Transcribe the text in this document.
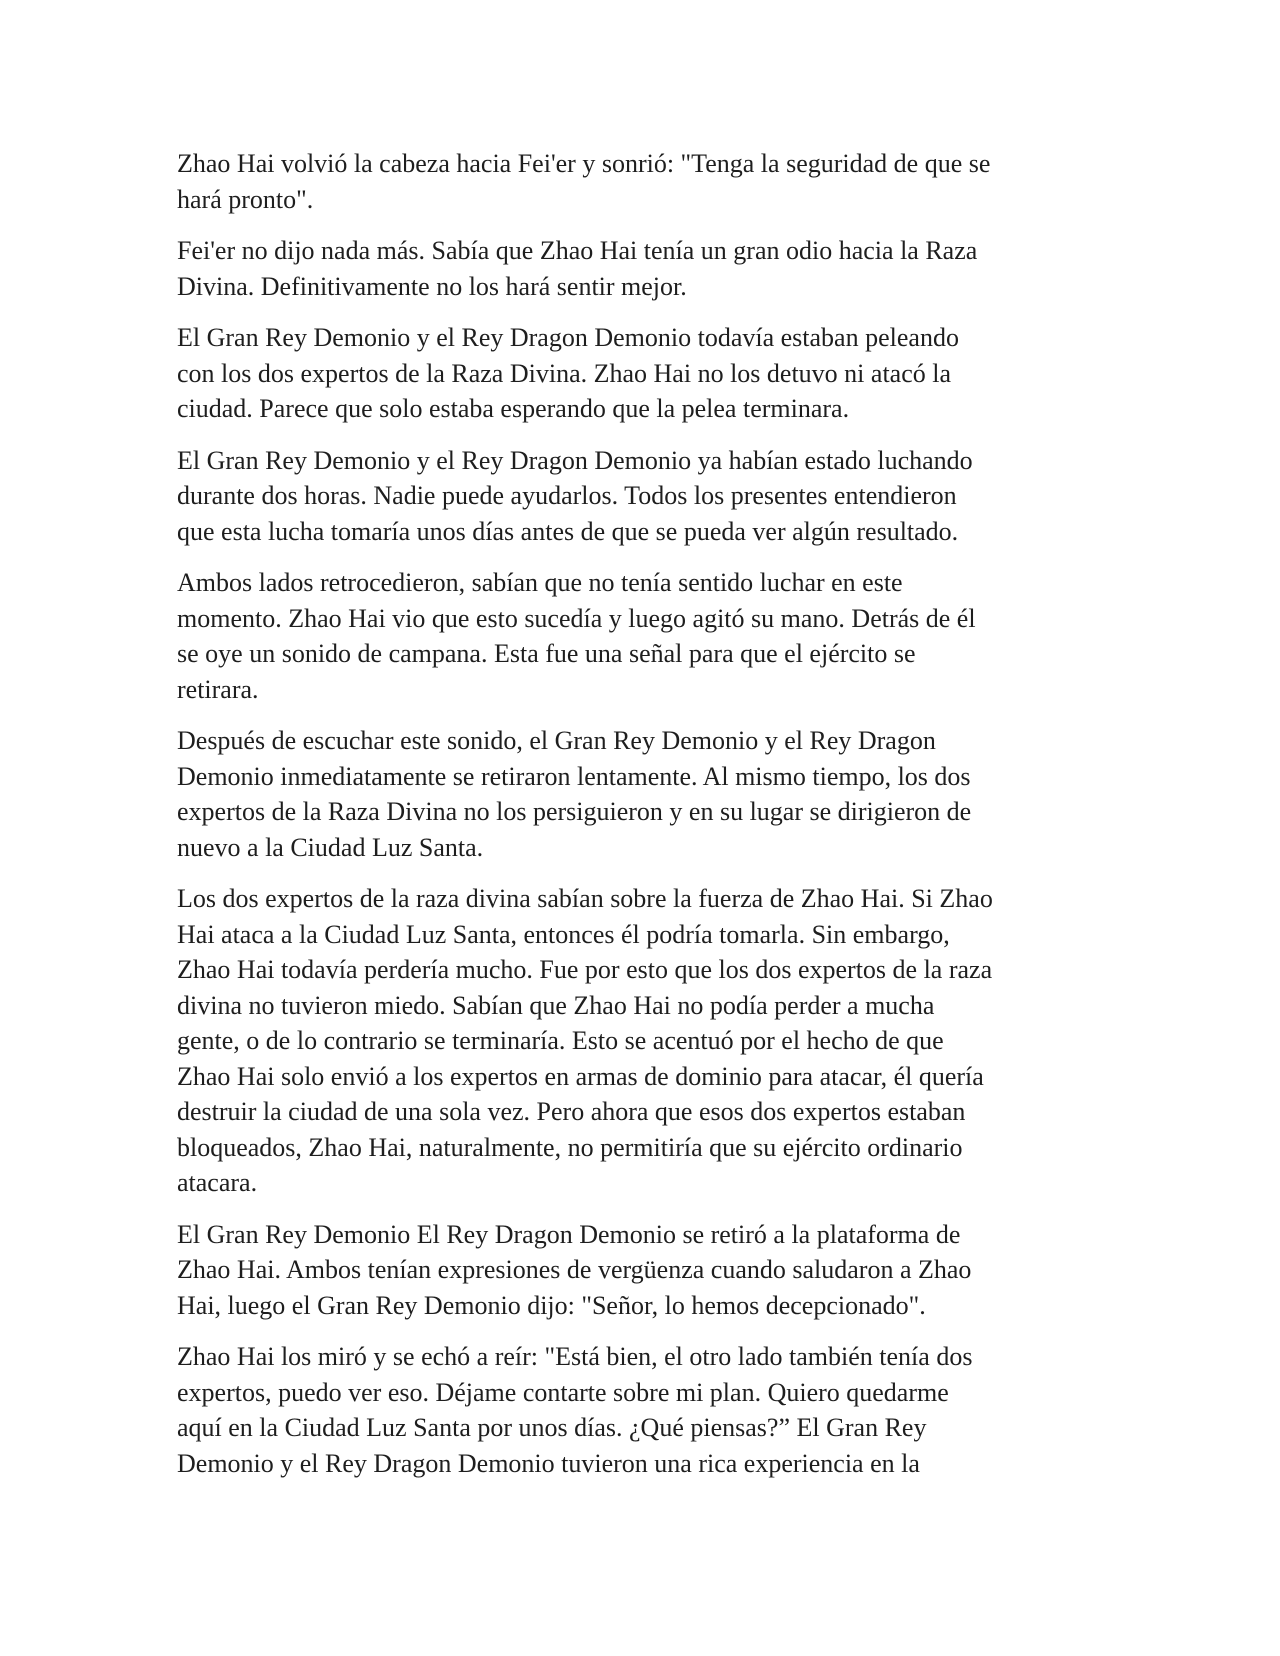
Zhao Hai volvió la cabeza hacia Fei'er y sonrió: "Tenga la seguridad de que se
hará pronto".

Fei'er no dijo nada más. Sabía que Zhao Hai tenía un gran odio hacia la Raza
Divina. Definitivamente no los hará sentir mejor.

El Gran Rey Demonio y el Rey Dragon Demonio todavía estaban peleando
con los dos expertos de la Raza Divina. Zhao Hai no los detuvo ni atacó la
ciudad. Parece que solo estaba esperando que la pelea terminara.

El Gran Rey Demonio y el Rey Dragon Demonio ya habían estado luchando
durante dos horas. Nadie puede ayudarlos. Todos los presentes entendieron
que esta lucha tomaría unos días antes de que se pueda ver algún resultado.

Ambos lados retrocedieron, sabían que no tenía sentido luchar en este
momento. Zhao Hai vio que esto sucedía y luego agitó su mano. Detrás de él
se oye un sonido de campana. Esta fue una señal para que el ejército se
retirara.

Después de escuchar este sonido, el Gran Rey Demonio y el Rey Dragon
Demonio inmediatamente se retiraron lentamente. Al mismo tiempo, los dos
expertos de la Raza Divina no los persiguieron y en su lugar se dirigieron de
nuevo a la Ciudad Luz Santa.

Los dos expertos de la raza divina sabían sobre la fuerza de Zhao Hai. Si Zhao
Hai ataca a la Ciudad Luz Santa, entonces él podría tomarla. Sin embargo,
Zhao Hai todavía perdería mucho. Fue por esto que los dos expertos de la raza
divina no tuvieron miedo. Sabían que Zhao Hai no podía perder a mucha
gente, o de lo contrario se terminaría. Esto se acentuó por el hecho de que
Zhao Hai solo envió a los expertos en armas de dominio para atacar, él quería
destruir la ciudad de una sola vez. Pero ahora que esos dos expertos estaban
bloqueados, Zhao Hai, naturalmente, no permitiría que su ejército ordinario
atacara.

El Gran Rey Demonio El Rey Dragon Demonio se retiró a la plataforma de
Zhao Hai. Ambos tenían expresiones de vergüenza cuando saludaron a Zhao
Hai, luego el Gran Rey Demonio dijo: "Señor, lo hemos decepcionado".

Zhao Hai los miró y se echó a reír: "Está bien, el otro lado también tenía dos
expertos, puedo ver eso. Déjame contarte sobre mi plan. Quiero quedarme
aquí en la Ciudad Luz Santa por unos días. ¿Qué piensas?” El Gran Rey
Demonio y el Rey Dragon Demonio tuvieron una rica experiencia en la
